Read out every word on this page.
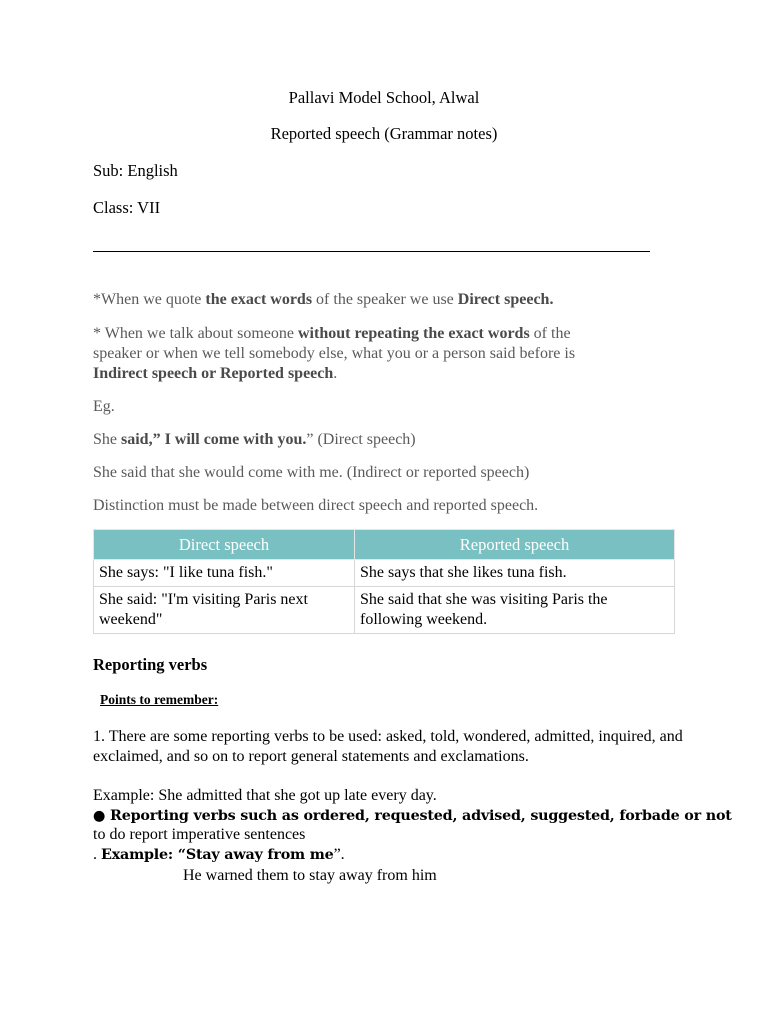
Pallavi Model School, Alwal
Reported speech (Grammar notes)
Sub: English
Class: VII
*When we quote the exact words of the speaker we use Direct speech.
* When we talk about someone without repeating the exact words of the
speaker or when we tell somebody else, what you or a person said before is
Indirect speech or Reported speech.
Eg.
She said,” I will come with you.” (Direct speech)
She said that she would come with me. (Indirect or reported speech)
Distinction must be made between direct speech and reported speech.
Direct speech	Reported speech
She says: "I like tuna fish."	She says that she likes tuna fish.
She said: "I'm visiting Paris next weekend"	She said that she was visiting Paris the following weekend.
Reporting verbs
Points to remember:
1. There are some reporting verbs to be used: asked, told, wondered, admitted, inquired, and exclaimed, and so on to report general statements and exclamations.
Example: She admitted that she got up late every day.
● Reporting verbs such as ordered, requested, advised, suggested, forbade or not
to do report imperative sentences
. Example: “Stay away from me”.
He warned them to stay away from him
